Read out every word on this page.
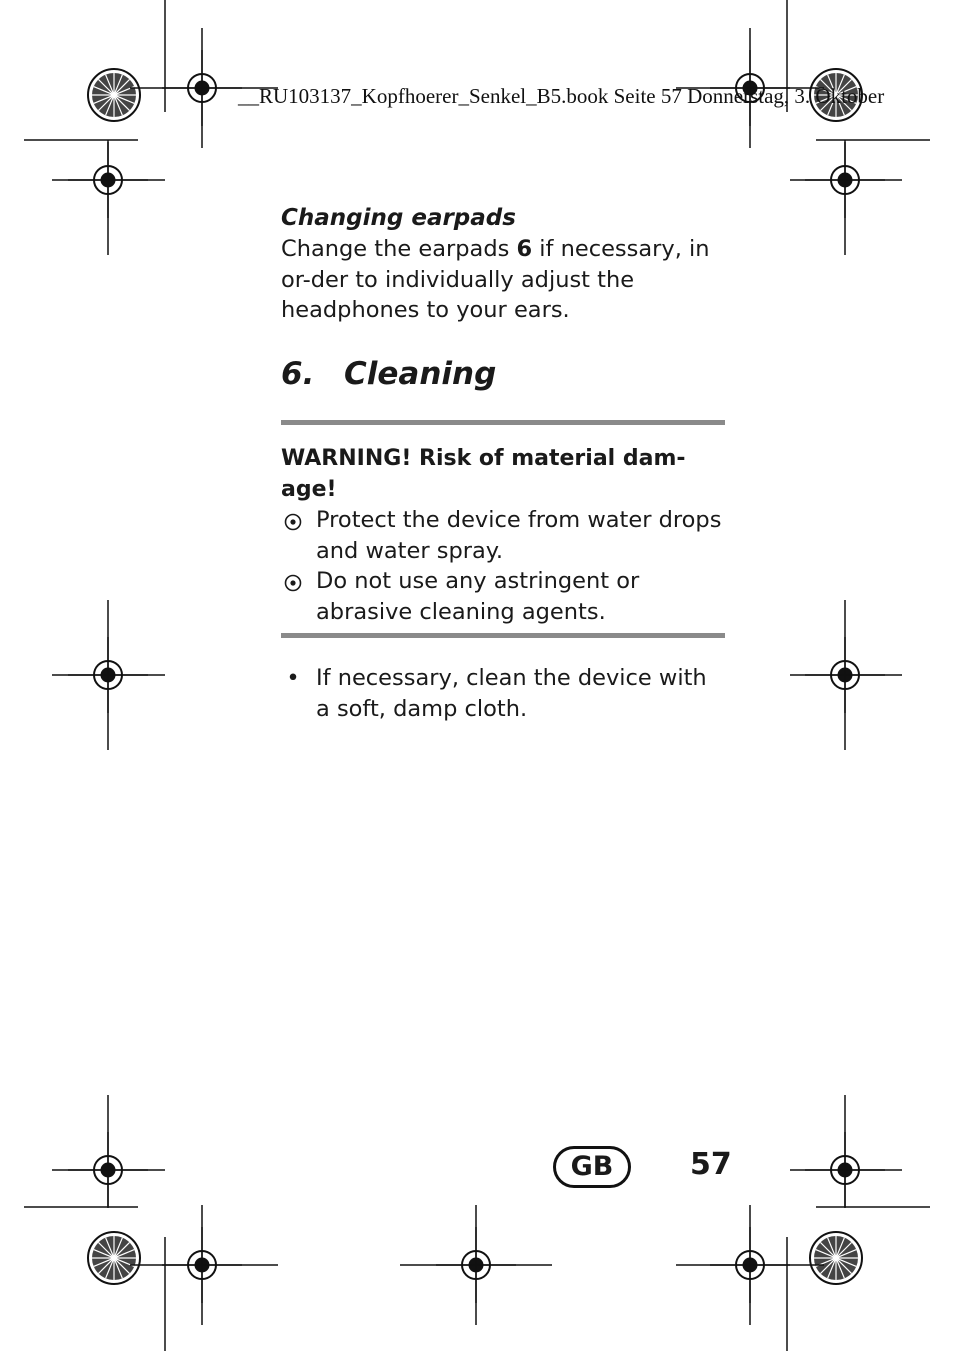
__RU103137_Kopfhoerer_Senkel_B5.book Seite 57 Donnerstag, 3. Oktober
Changing earpads

Change the earpads 6 if necessary, in or-der to individually adjust the headphones to your ears.

6. Cleaning
WARNING! Risk of material dam-age!
Protect the device from water drops and water spray.
Do not use any astringent or abrasive cleaning agents.
• If necessary, clean the device with a soft, damp cloth.
GB	57
